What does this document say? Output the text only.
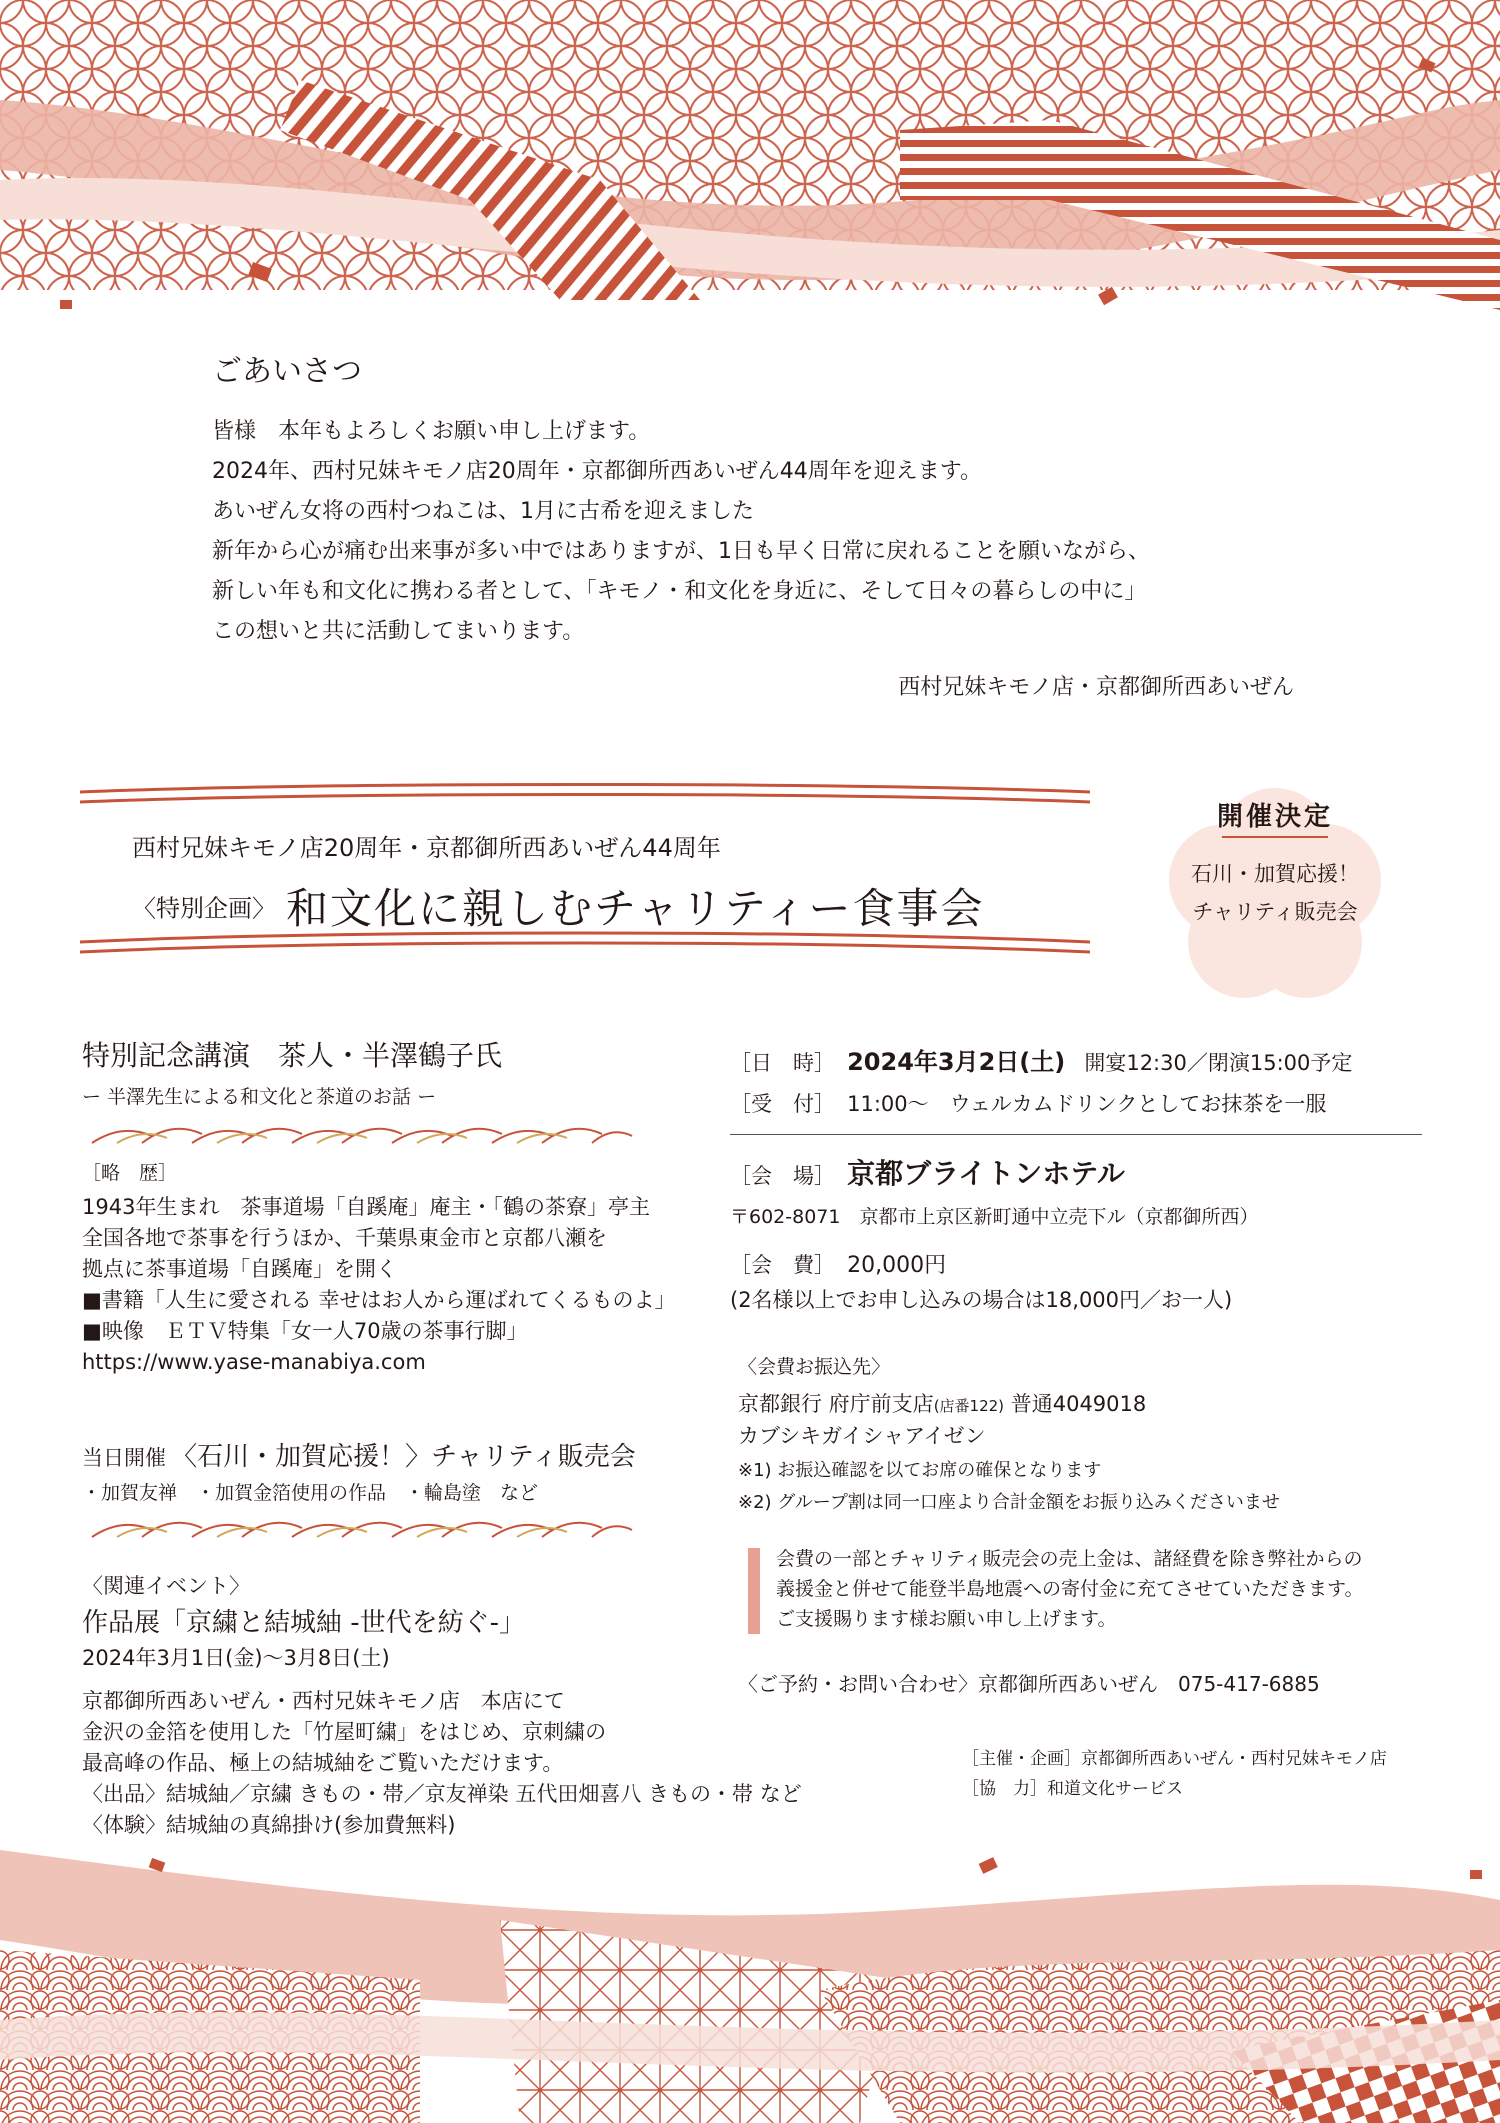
ごあいさつ
皆様　本年もよろしくお願い申し上げます。
2024年、西村兄妹キモノ店20周年・京都御所西あいぜん44周年を迎えます。
あいぜん女将の西村つねこは、1月に古希を迎えました
新年から心が痛む出来事が多い中ではありますが、1日も早く日常に戻れることを願いながら、
新しい年も和文化に携わる者として、「キモノ・和文化を身近に、そして日々の暮らしの中に」
この想いと共に活動してまいります。
西村兄妹キモノ店・京都御所西あいぜん
西村兄妹キモノ店20周年・京都御所西あいぜん44周年
〈特別企画〉 和文化に親しむチャリティー食事会
開催決定
石川・加賀応援！
チャリティ販売会
特別記念講演　茶人・半澤鶴子氏
ー 半澤先生による和文化と茶道のお話 ー
［略　歴］
1943年生まれ　茶事道場「自蹊庵」庵主・「鶴の茶寮」亭主
全国各地で茶事を行うほか、千葉県東金市と京都八瀬を
拠点に茶事道場「自蹊庵」を開く
■書籍「人生に愛される 幸せはお人から運ばれてくるものよ」
■映像　ＥＴＶ特集「女一人70歳の茶事行脚」
https://www.yase-manabiya.com
当日開催 〈石川・加賀応援！〉チャリティ販売会
・加賀友禅　・加賀金箔使用の作品　・輪島塗　など
〈関連イベント〉
作品展「京繍と結城紬 -世代を紡ぐ-」
2024年3月1日(金)～3月8日(土)
京都御所西あいぜん・西村兄妹キモノ店　本店にて
金沢の金箔を使用した「竹屋町繍」をはじめ、京刺繍の
最高峰の作品、極上の結城紬をご覧いただけます。
〈出品〉結城紬／京繍 きもの・帯／京友禅染 五代田畑喜八 きもの・帯 など
〈体験〉結城紬の真綿掛け(参加費無料)
［日　時］ 2024年3月2日(土) 開宴12:30／閉演15:00予定
［受　付］ 11:00～　ウェルカムドリンクとしてお抹茶を一服
［会　場］ 京都ブライトンホテル
〒602-8071　京都市上京区新町通中立売下ル（京都御所西）
［会　費］ 20,000円
(2名様以上でお申し込みの場合は18,000円／お一人)
〈会費お振込先〉
京都銀行 府庁前支店(店番122) 普通4049018
カブシキガイシャアイゼン
※1) お振込確認を以てお席の確保となります
※2) グループ割は同一口座より合計金額をお振り込みくださいませ
会費の一部とチャリティ販売会の売上金は、諸経費を除き弊社からの
義援金と併せて能登半島地震への寄付金に充てさせていただきます。
ご支援賜ります様お願い申し上げます。
〈ご予約・お問い合わせ〉京都御所西あいぜん　075-417-6885
［主催・企画］京都御所西あいぜん・西村兄妹キモノ店
［協　力］和道文化サービス
